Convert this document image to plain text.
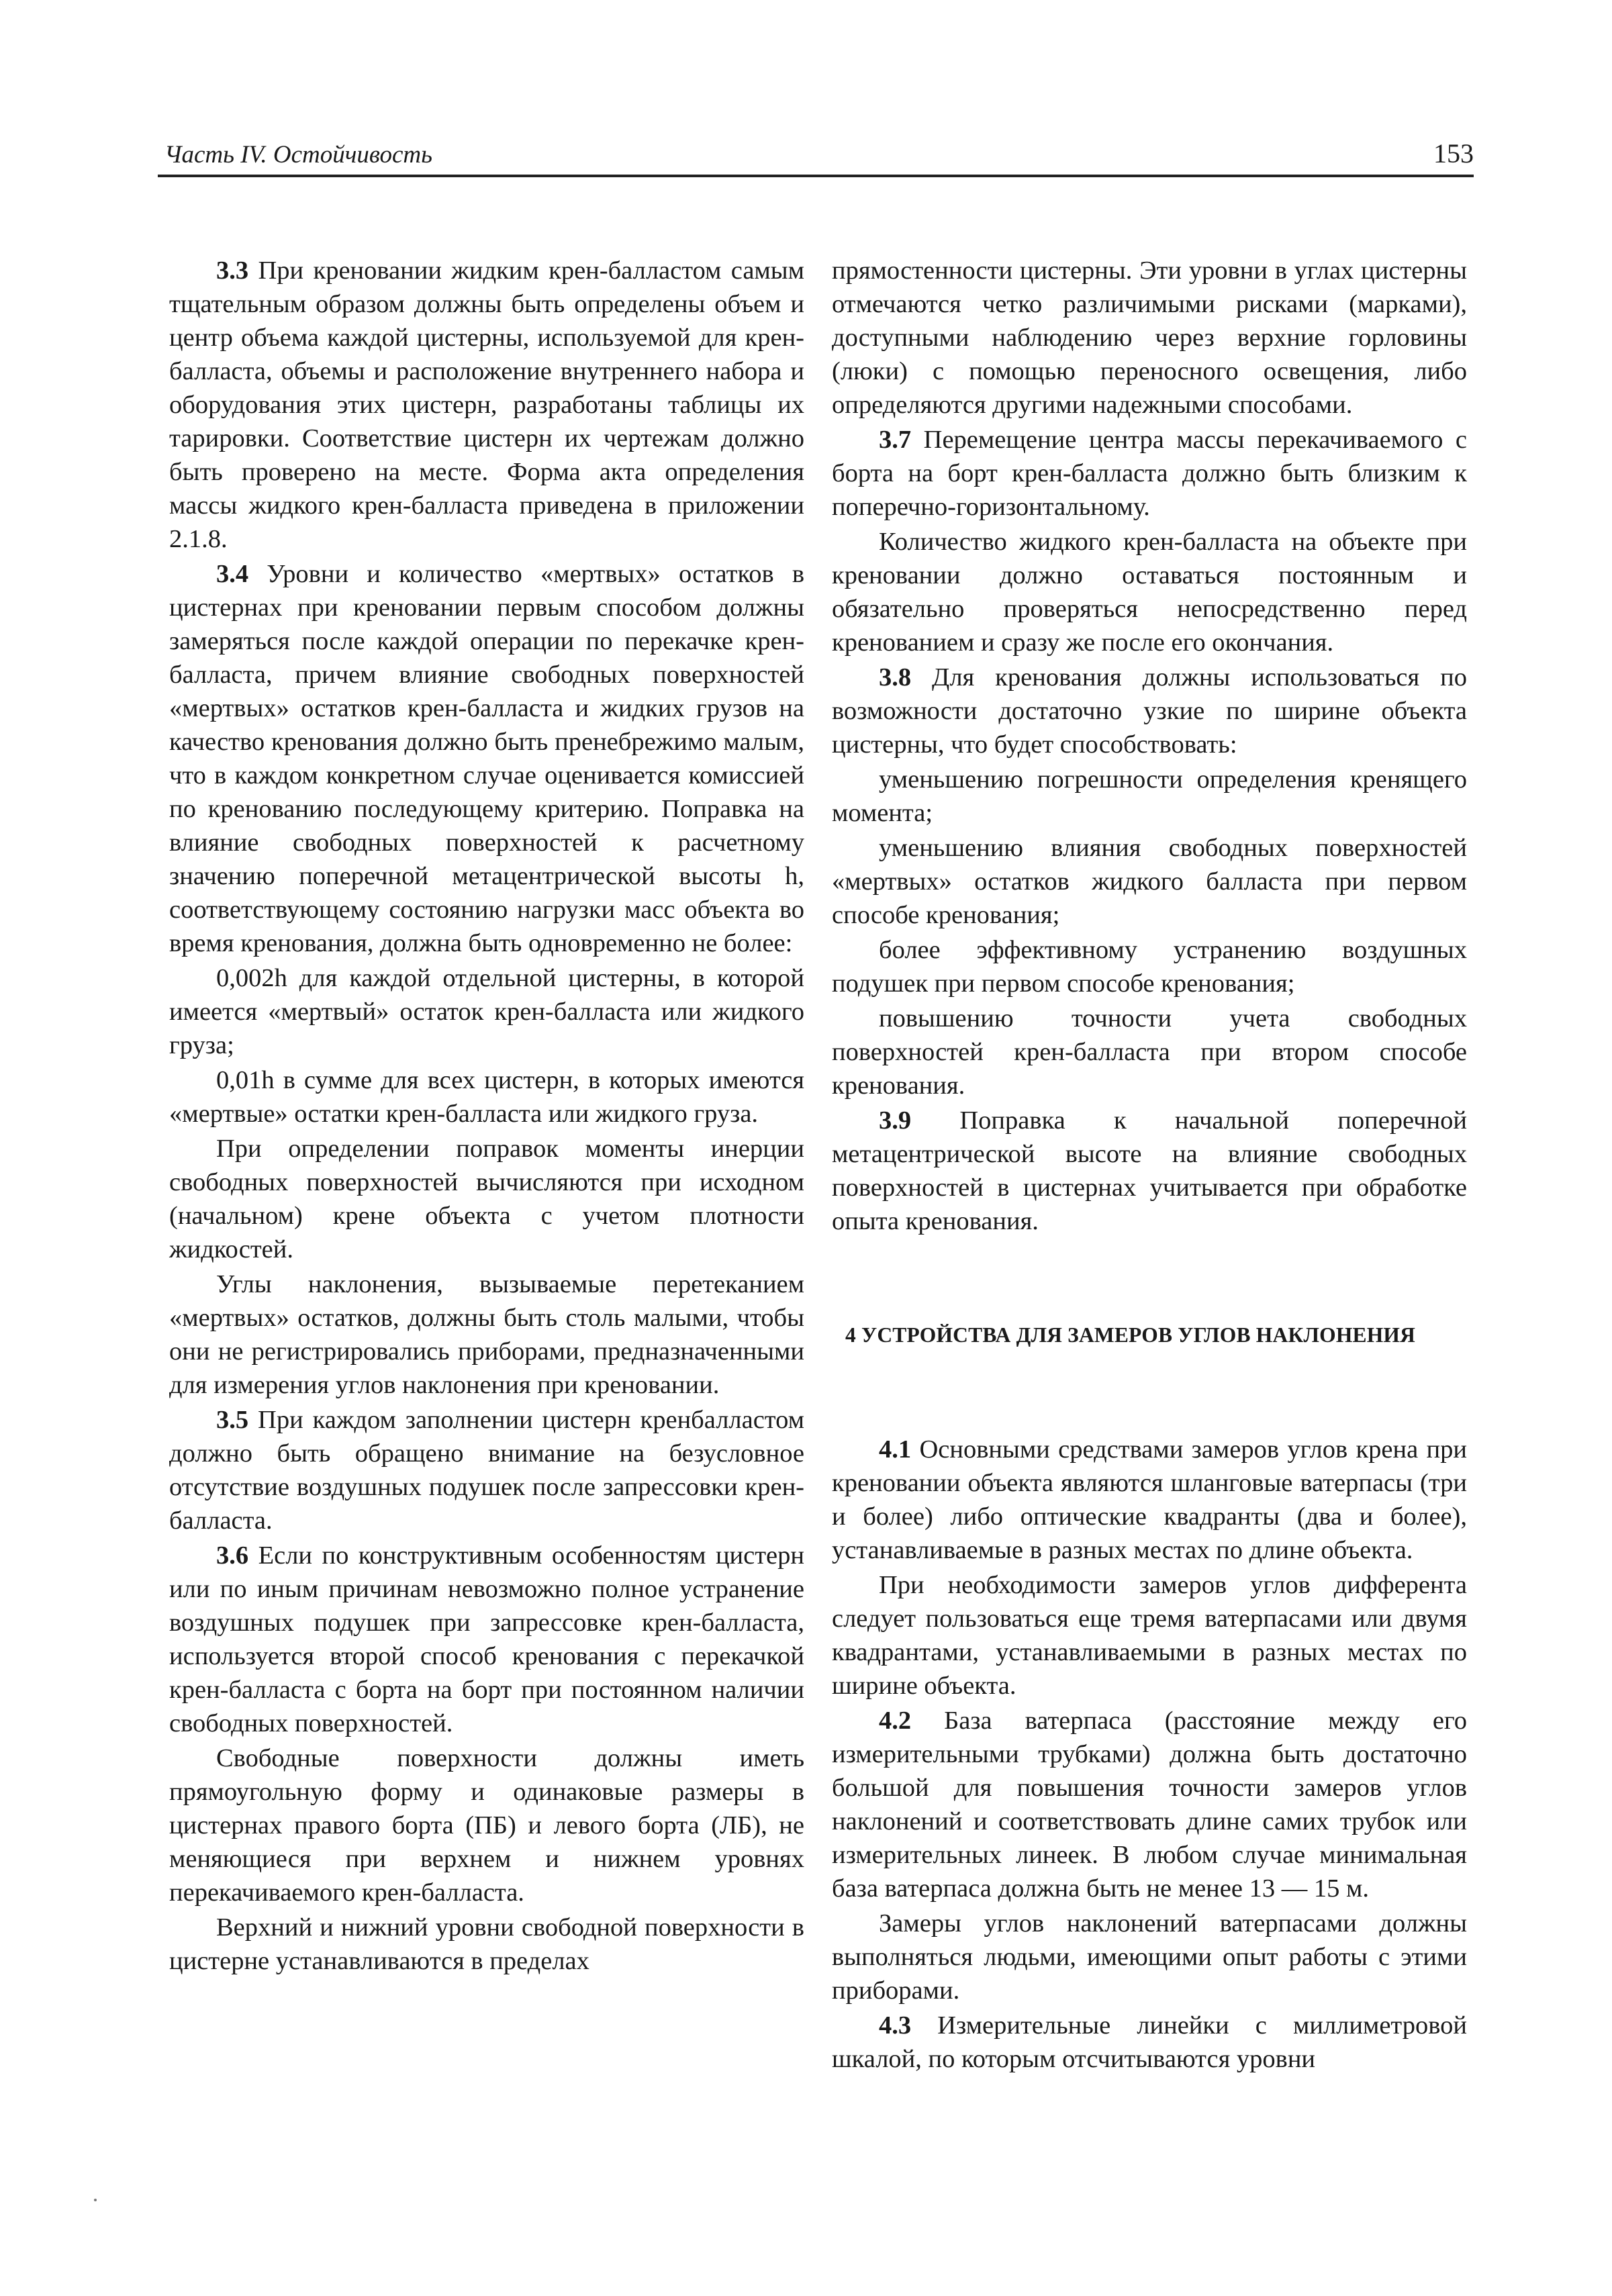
Часть IV. Остойчивость	153

3.3 При креновании жидким крен-балластом самым тщательным образом должны быть определены объем и центр объема каждой цистерны, используемой для крен-балласта, объемы и расположение внутреннего набора и оборудования этих цистерн, разработаны таблицы их тарировки. Соответствие цистерн их чертежам должно быть проверено на месте. Форма акта определения массы жидкого крен-балласта приведена в приложении 2.1.8.

3.4 Уровни и количество «мертвых» остатков в цистернах при креновании первым способом должны замеряться после каждой операции по перекачке крен-балласта, причем влияние свободных поверхностей «мертвых» остатков крен-балласта и жидких грузов на качество кренования должно быть пренебрежимо малым, что в каждом конкретном случае оценивается комиссией по кренованию последующему критерию. Поправка на влияние свободных поверхностей к расчетному значению поперечной метацентрической высоты h, соответствующему состоянию нагрузки масс объекта во время кренования, должна быть одновременно не более:

0,002h для каждой отдельной цистерны, в которой имеется «мертвый» остаток крен-балласта или жидкого груза;

0,01h в сумме для всех цистерн, в которых имеются «мертвые» остатки крен-балласта или жидкого груза.

При определении поправок моменты инерции свободных поверхностей вычисляются при исходном (начальном) крене объекта с учетом плотности жидкостей.

Углы наклонения, вызываемые перетеканием «мертвых» остатков, должны быть столь малыми, чтобы они не регистрировались приборами, предназначенными для измерения углов наклонения при креновании.

3.5 При каждом заполнении цистерн кренбалластом должно быть обращено внимание на безусловное отсутствие воздушных подушек после запрессовки крен-балласта.

3.6 Если по конструктивным особенностям цистерн или по иным причинам невозможно полное устранение воздушных подушек при запрессовке крен-балласта, используется второй способ кренования с перекачкой крен-балласта с борта на борт при постоянном наличии свободных поверхностей.

Свободные поверхности должны иметь прямоугольную форму и одинаковые размеры в цистернах правого борта (ПБ) и левого борта (ЛБ), не меняющиеся при верхнем и нижнем уровнях перекачиваемого крен-балласта.

Верхний и нижний уровни свободной поверхности в цистерне устанавливаются в пределах

прямостенности цистерны. Эти уровни в углах цистерны отмечаются четко различимыми рисками (марками), доступными наблюдению через верхние горловины (люки) с помощью переносного освещения, либо определяются другими надежными способами.

3.7 Перемещение центра массы перекачиваемого с борта на борт крен-балласта должно быть близким к поперечно-горизонтальному.

Количество жидкого крен-балласта на объекте при креновании должно оставаться постоянным и обязательно проверяться непосредственно перед кренованием и сразу же после его окончания.

3.8 Для кренования должны использоваться по возможности достаточно узкие по ширине объекта цистерны, что будет способствовать:

уменьшению погрешности определения кренящего момента;

уменьшению влияния свободных поверхностей «мертвых» остатков жидкого балласта при первом способе кренования;

более эффективному устранению воздушных подушек при первом способе кренования;

повышению точности учета свободных поверхностей крен-балласта при втором способе кренования.

3.9 Поправка к начальной поперечной метацентрической высоте на влияние свободных поверхностей в цистернах учитывается при обработке опыта кренования.

4 УСТРОЙСТВА ДЛЯ ЗАМЕРОВ УГЛОВ НАКЛОНЕНИЯ

4.1 Основными средствами замеров углов крена при креновании объекта являются шланговые ватерпасы (три и более) либо оптические квадранты (два и более), устанавливаемые в разных местах по длине объекта.

При необходимости замеров углов дифферента следует пользоваться еще тремя ватерпасами или двумя квадрантами, устанавливаемыми в разных местах по ширине объекта.

4.2 База ватерпаса (расстояние между его измерительными трубками) должна быть достаточно большой для повышения точности замеров углов наклонений и соответствовать длине самих трубок или измерительных линеек. В любом случае минимальная база ватерпаса должна быть не менее 13 — 15 м.

Замеры углов наклонений ватерпасами должны выполняться людьми, имеющими опыт работы с этими приборами.

4.3 Измерительные линейки с миллиметровой шкалой, по которым отсчитываются уровни
